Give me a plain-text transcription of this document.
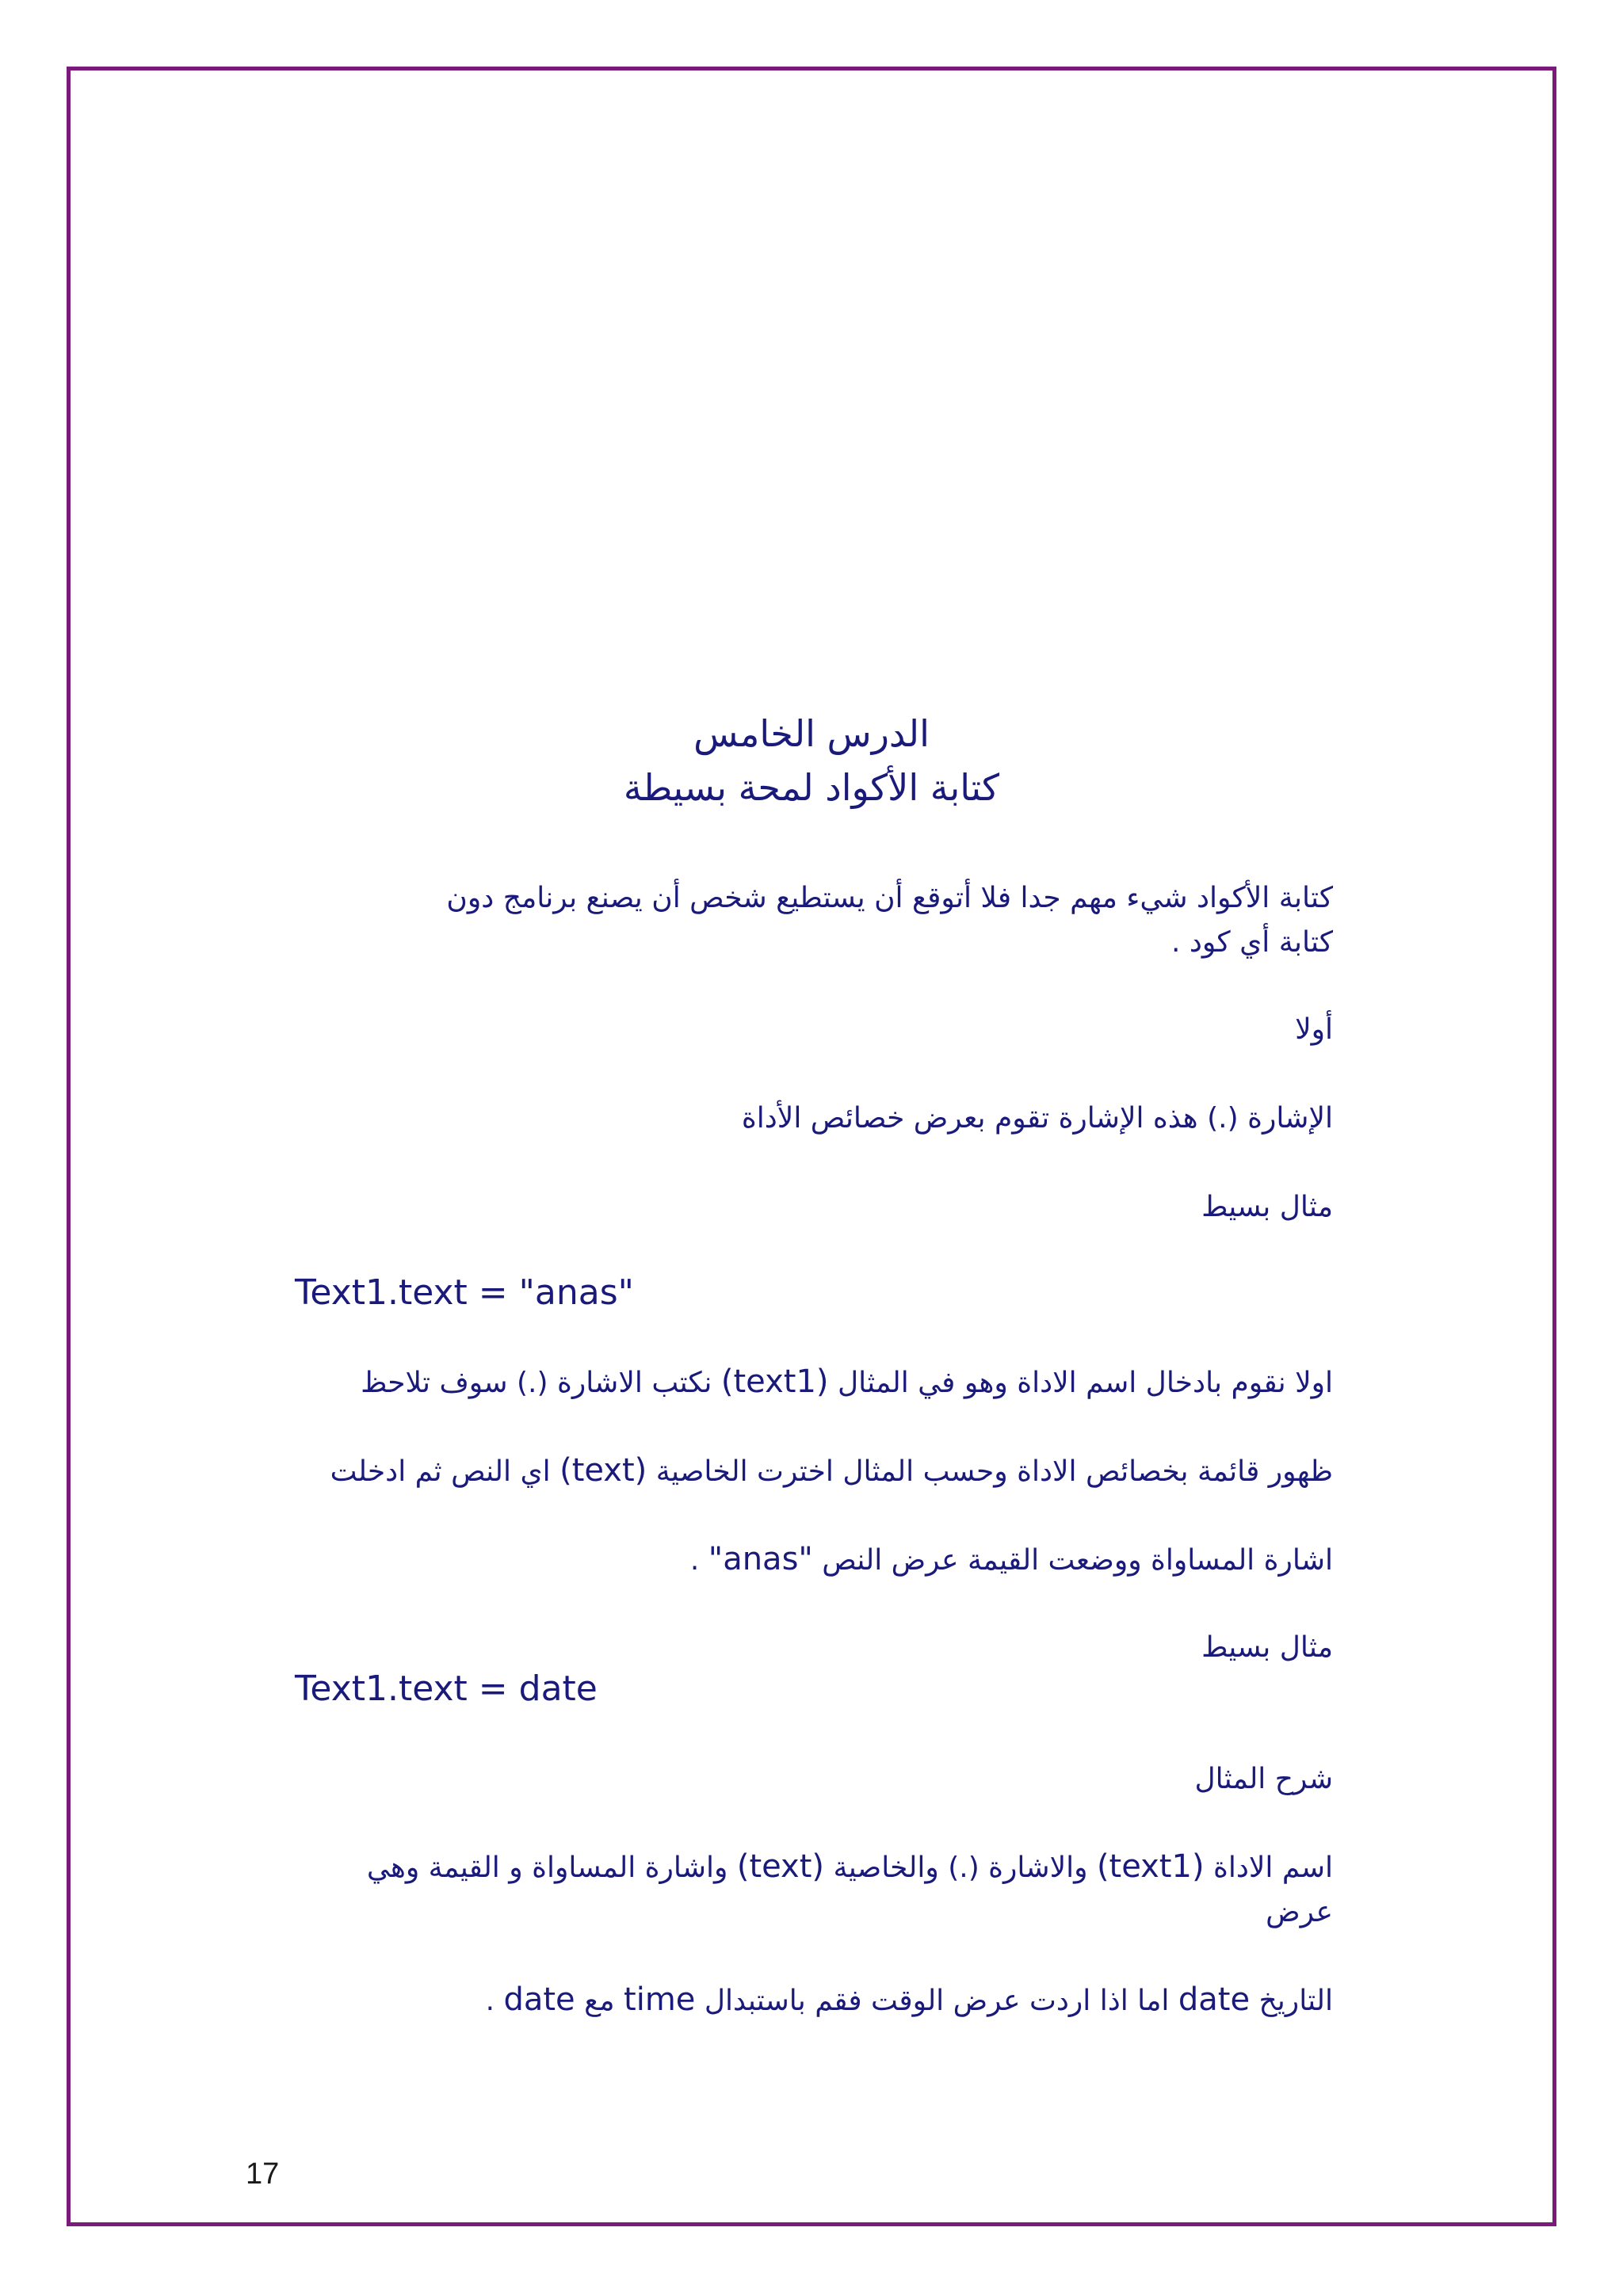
الدرس الخامس
كتابة الأكواد لمحة بسيطة
كتابة الأكواد شيء مهم جدا فلا أتوقع أن يستطيع شخص أن يصنع برنامج دون
كتابة أي كود .
أولا
الإشارة (.) هذه الإشارة تقوم بعرض خصائص الأداة
مثال بسيط
Text1.text = "anas"
اولا نقوم بادخال اسم الاداة وهو في المثال (text1) نكتب الاشارة (.) سوف تلاحظ
ظهور قائمة بخصائص الاداة وحسب المثال اخترت الخاصية (text) اي النص ثم ادخلت
اشارة المساواة ووضعت القيمة عرض النص "anas" .
مثال بسيط
Text1.text = date
شرح المثال
اسم الاداة (text1) والاشارة (.) والخاصية (text) واشارة المساواة و القيمة وهي
عرض
التاريخ date اما اذا اردت عرض الوقت فقم باستبدال time مع date .
17
